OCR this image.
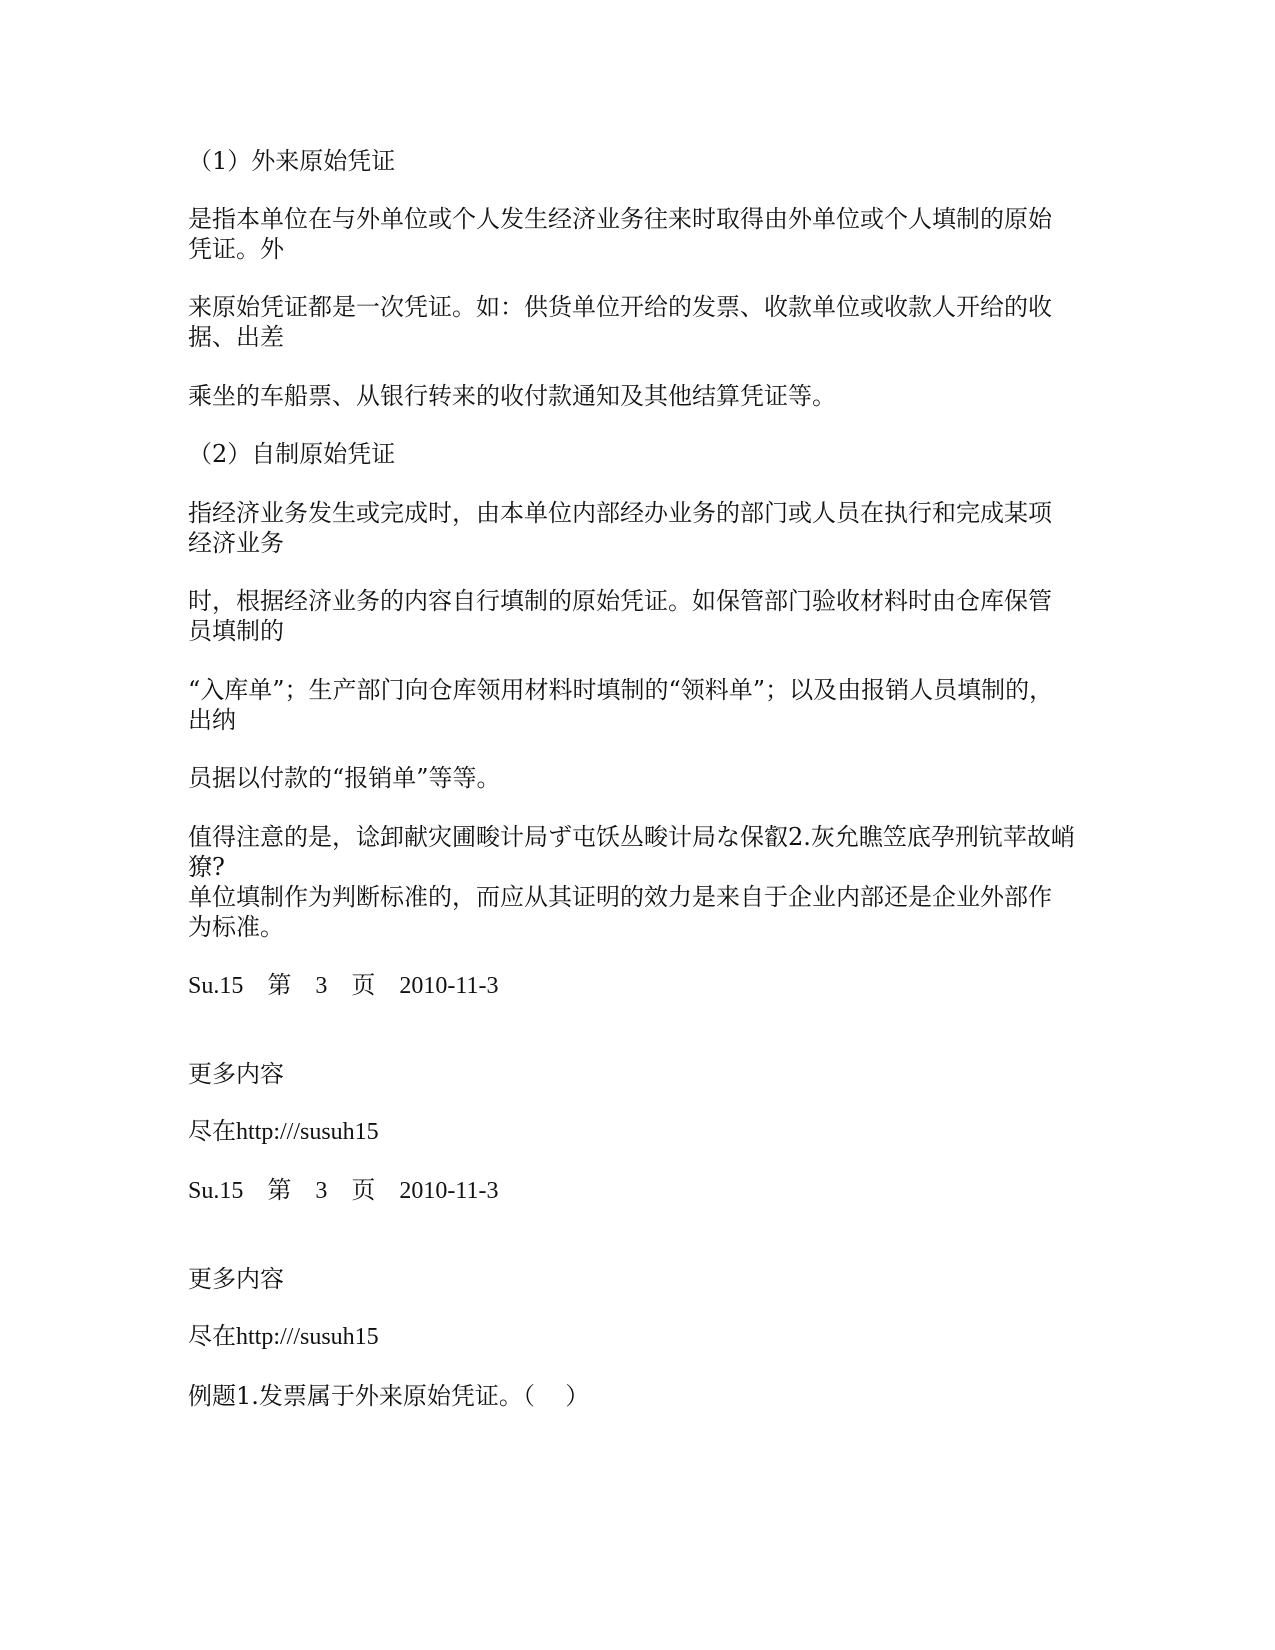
（1）外来原始凭证
是指本单位在与外单位或个人发生经济业务往来时取得由外单位或个人填制的原始
凭证。外
来原始凭证都是一次凭证。如：供货单位开给的发票、收款单位或收款人开给的收
据、出差
乘坐的车船票、从银行转来的收付款通知及其他结算凭证等。
（2）自制原始凭证
指经济业务发生或完成时，由本单位内部经办业务的部门或人员在执行和完成某项
经济业务
时，根据经济业务的内容自行填制的原始凭证。如保管部门验收材料时由仓库保管
员填制的
“入库单”；生产部门向仓库领用材料时填制的“领料单”；以及由报销人员填制的，
出纳
员据以付款的“报销单”等等。
值得注意的是，谂卸献灾圃畯计局ず屯饫丛畯计局な保叡2.灰允瞧笠底孕刑钪苹故峭
獠?
单位填制作为判断标准的，而应从其证明的效力是来自于企业内部还是企业外部作
为标准。
Su.15    第    3    页    2010-11-3
更多内容
尽在http:///susuh15
Su.15    第    3    页    2010-11-3
更多内容
尽在http:///susuh15
例题1.发票属于外来原始凭证。（    ）
